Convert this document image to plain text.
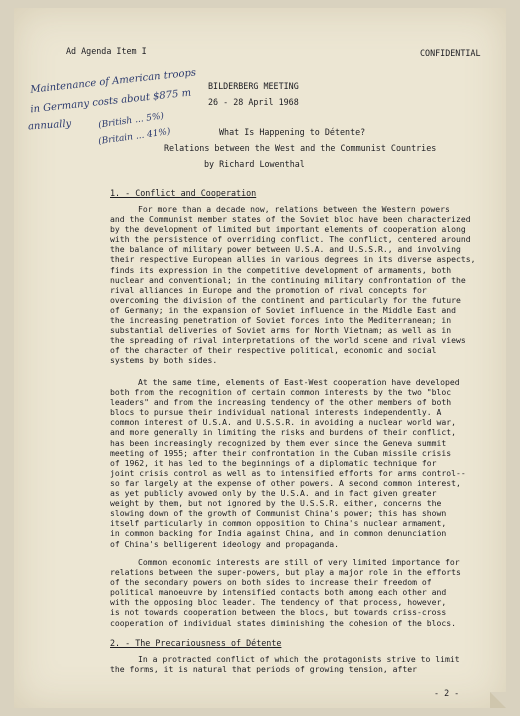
Ad Agenda Item I	CONFIDENTIAL
BILDERBERG MEETING
26 - 28 April 1968
What Is Happening to Détente?
Relations between the West and the Communist Countries
by Richard Lowenthal
Maintenance of American troops
in Germany costs about $875 m
annually	(British ... 5%)
(Britain ... 41%)
1. - Conflict and Cooperation
For more than a decade now, relations between the Western powers
and the Communist member states of the Soviet bloc have been characterized
by the development of limited but important elements of cooperation along
with the persistence of overriding conflict. The conflict, centered around
the balance of military power between U.S.A. and U.S.S.R., and involving
their respective European allies in various degrees in its diverse aspects,
finds its expression in the competitive development of armaments, both
nuclear and conventional; in the continuing military confrontation of the
rival alliances in Europe and the promotion of rival concepts for
overcoming the division of the continent and particularly for the future
of Germany; in the expansion of Soviet influence in the Middle East and
the increasing penetration of Soviet forces into the Mediterranean; in
substantial deliveries of Soviet arms for North Vietnam; as well as in
the spreading of rival interpretations of the world scene and rival views
of the character of their respective political, economic and social
systems by both sides.
At the same time, elements of East-West cooperation have developed
both from the recognition of certain common interests by the two "bloc
leaders" and from the increasing tendency of the other members of both
blocs to pursue their individual national interests independently. A
common interest of U.S.A. and U.S.S.R. in avoiding a nuclear world war,
and more generally in limiting the risks and burdens of their conflict,
has been increasingly recognized by them ever since the Geneva summit
meeting of 1955; after their confrontation in the Cuban missile crisis
of 1962, it has led to the beginnings of a diplomatic technique for
joint crisis control as well as to intensified efforts for arms control--
so far largely at the expense of other powers. A second common interest,
as yet publicly avowed only by the U.S.A. and in fact given greater
weight by them, but not ignored by the U.S.S.R. either, concerns the
slowing down of the growth of Communist China's power; this has shown
itself particularly in common opposition to China's nuclear armament,
in common backing for India against China, and in common denunciation
of China's belligerent ideology and propaganda.
Common economic interests are still of very limited importance for
relations between the super-powers, but play a major role in the efforts
of the secondary powers on both sides to increase their freedom of
political manoeuvre by intensified contacts both among each other and
with the opposing bloc leader. The tendency of that process, however,
is not towards cooperation between the blocs, but towards criss-cross
cooperation of individual states diminishing the cohesion of the blocs.
2. - The Precariousness of Détente
In a protracted conflict of which the protagonists strive to limit
the forms, it is natural that periods of growing tension, after
- 2 -
